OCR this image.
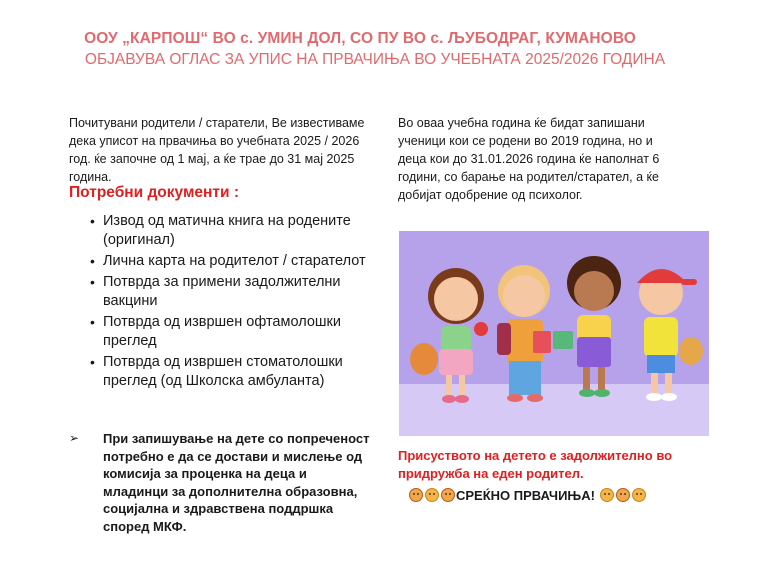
ООУ „КАРПОШ“ ВО с. УМИН ДОЛ, СО ПУ ВО с. ЉУБОДРАГ, КУМАНОВО
ОБЈАВУВА ОГЛАС ЗА УПИС НА ПРВАЧИЊА ВО УЧЕБНАТА 2025/2026 ГОДИНА
Почитувани родители / старатели, Ве известиваме дека уписот на првачиња во учебната 2025 / 2026 год. ќе започне од 1 мај, а ќе трае до 31 мај 2025 година.
Потребни документи :
• Извод од матична книга на родените (оригинал)
• Лична карта на родителот / старателот
• Потврда за примени задолжителни вакцини
• Потврда од извршен офтамолошки преглед
• Потврда од извршен стоматолошки преглед (од Школска амбуланта)
➢ При запишување на дете со попреченост потребно е да се достави и мислење од комисија за проценка на деца и младинци за дополнителна образовна, социјална и здравствена поддршка според МКФ.
Во оваа учебна година ќе бидат запишани ученици кои се родени во 2019 година, но и деца кои до 31.01.2026 година ќе наполнат 6 години, со барање на родител/старател, а ќе добијат одобрение од психолог.
Присуството на детето е задолжително во придружба на еден родител.
СРЕЌНО ПРВАЧИЊА!
